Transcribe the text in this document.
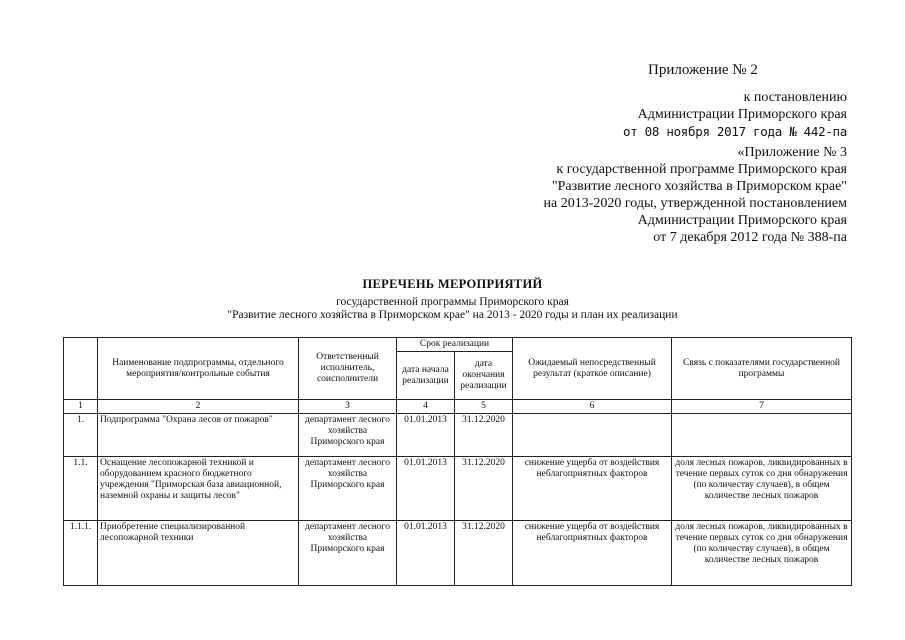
Приложение № 2
к постановлению
Администрации Приморского края
от 08 ноября 2017 года № 442-па
«Приложение № 3
к государственной программе Приморского края
"Развитие лесного хозяйства в Приморском крае"
на 2013-2020 годы, утвержденной постановлением
Администрации Приморского края
от 7 декабря 2012 года № 388-па
ПЕРЕЧЕНЬ МЕРОПРИЯТИЙ
государственной программы Приморского края
"Развитие лесного хозяйства в Приморском крае" на 2013 - 2020 годы и план их реализации
	Наименование подпрограммы, отдельного мероприятия/контрольные события	Ответственный исполнитель, соисполнители	Срок реализации		Ожидаемый непосредственный результат (краткое описание)	Связь с показателями государственной программы
			дата начала реализации	дата окончания реализации		
1	2	3	4	5	6	7
1.	Подпрограмма "Охрана лесов от пожаров"	департамент лесного хозяйства Приморского края	01.01.2013	31.12.2020		
1.1.	Оснащение лесопожарной техникой и оборудованием красного бюджетного учреждения "Приморская база авиационной, наземной охраны и защиты лесов"	департамент лесного хозяйства Приморского края	01.01.2013	31.12.2020	снижение ущерба от воздействия неблагоприятных факторов	доля лесных пожаров, ликвидированных в течение первых суток со дня обнаружения (по количеству случаев), в общем количестве лесных пожаров
1.1.1.	Приобретение специализированной лесопожарной техники	департамент лесного хозяйства Приморского края	01.01.2013	31.12.2020	снижение ущерба от воздействия неблагоприятных факторов	доля лесных пожаров, ликвидированных в течение первых суток со дня обнаружения (по количеству случаев), в общем количестве лесных пожаров
